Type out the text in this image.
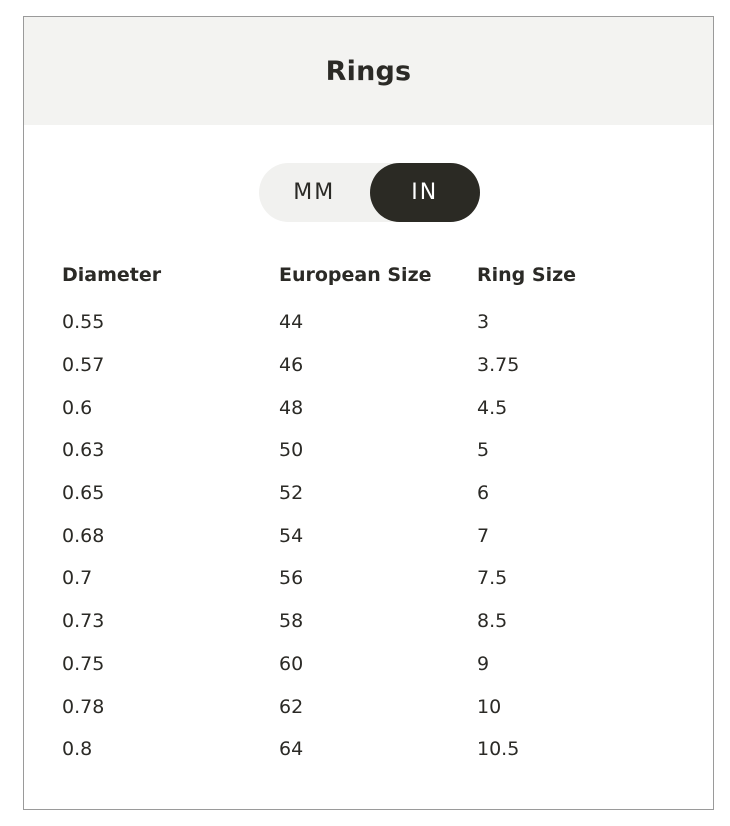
Rings
MM	IN
Diameter	European Size	Ring Size
0.55	44	3
0.57	46	3.75
0.6	48	4.5
0.63	50	5
0.65	52	6
0.68	54	7
0.7	56	7.5
0.73	58	8.5
0.75	60	9
0.78	62	10
0.8	64	10.5
